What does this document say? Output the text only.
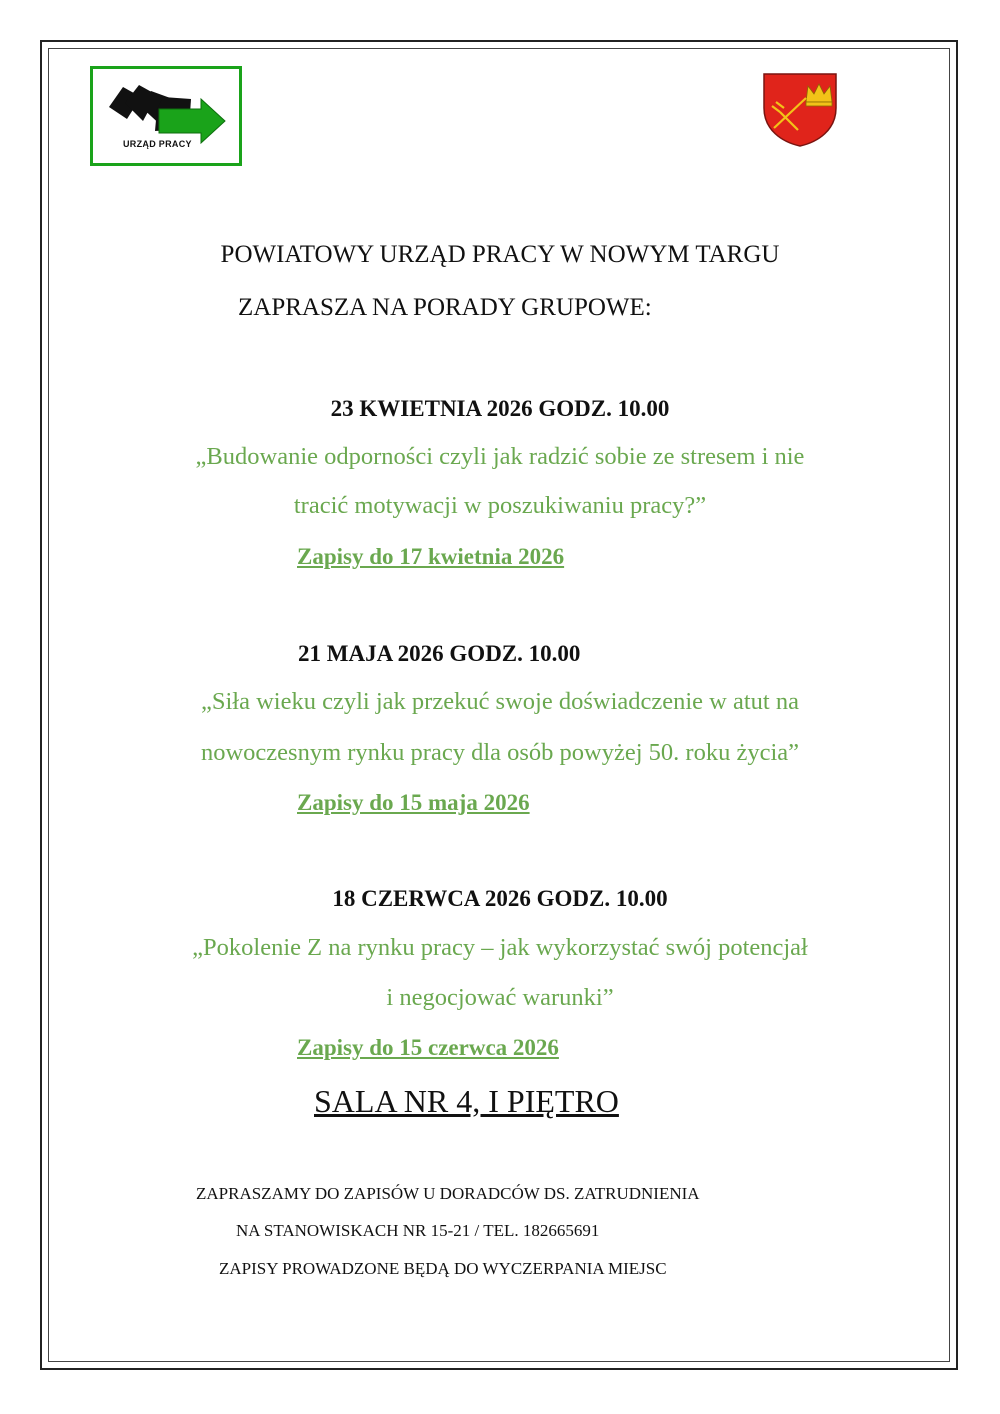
URZĄD PRACY
POWIATOWY URZĄD PRACY W NOWYM TARGU
ZAPRASZA NA PORADY GRUPOWE:
23 KWIETNIA 2026 GODZ. 10.00
„Budowanie odporności czyli jak radzić sobie ze stresem i nie
tracić motywacji w poszukiwaniu pracy?”
Zapisy do 17 kwietnia 2026
21 MAJA 2026 GODZ. 10.00
„Siła wieku czyli jak przekuć swoje doświadczenie w atut na
nowoczesnym rynku pracy dla osób powyżej 50. roku życia”
Zapisy do 15 maja 2026
18 CZERWCA 2026 GODZ. 10.00
„Pokolenie Z na rynku pracy – jak wykorzystać swój potencjał
i negocjować warunki”
Zapisy do 15 czerwca 2026
SALA NR 4, I PIĘTRO
ZAPRASZAMY DO ZAPISÓW U DORADCÓW DS. ZATRUDNIENIA
NA STANOWISKACH NR 15-21 / TEL. 182665691
ZAPISY PROWADZONE BĘDĄ DO WYCZERPANIA MIEJSC
